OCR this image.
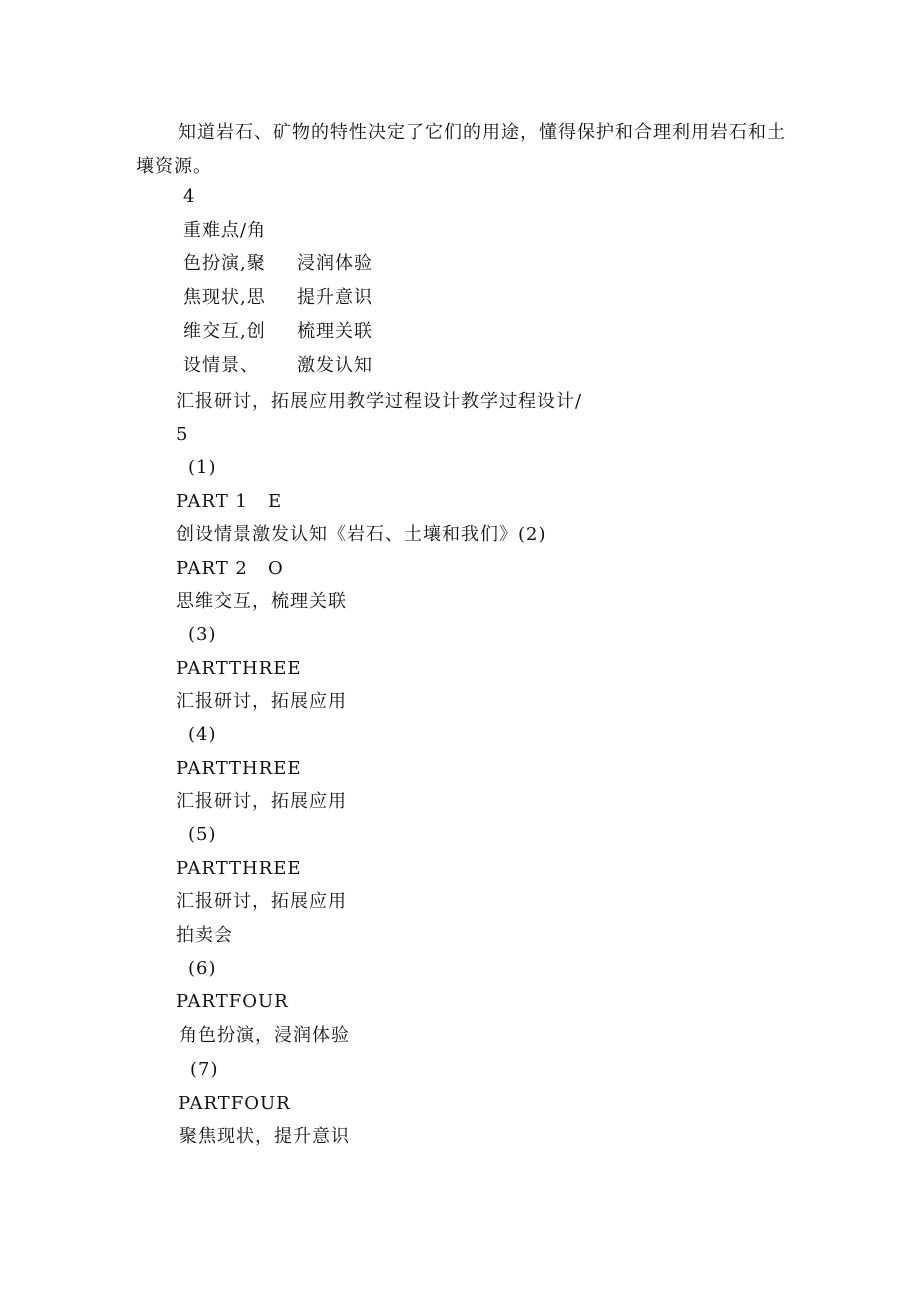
知道岩石、矿物的特性决定了它们的用途，懂得保护和合理利用岩石和土壤资源。
4
重难点/角
色扮演,聚 浸润体验
焦现状,思 提升意识
维交互,创 梳理关联
设情景、 激发认知
汇报研讨，拓展应用教学过程设计教学过程设计/
5
(1)
PART 1   E
创设情景激发认知《岩石、土壤和我们》(2)
PART 2   O
思维交互，梳理关联
(3)
PARTTHREE
汇报研讨，拓展应用
(4)
PARTTHREE
汇报研讨，拓展应用
(5)
PARTTHREE
汇报研讨，拓展应用
拍卖会
(6)
PARTFOUR
角色扮演，浸润体验
(7)
PARTFOUR
聚焦现状，提升意识
